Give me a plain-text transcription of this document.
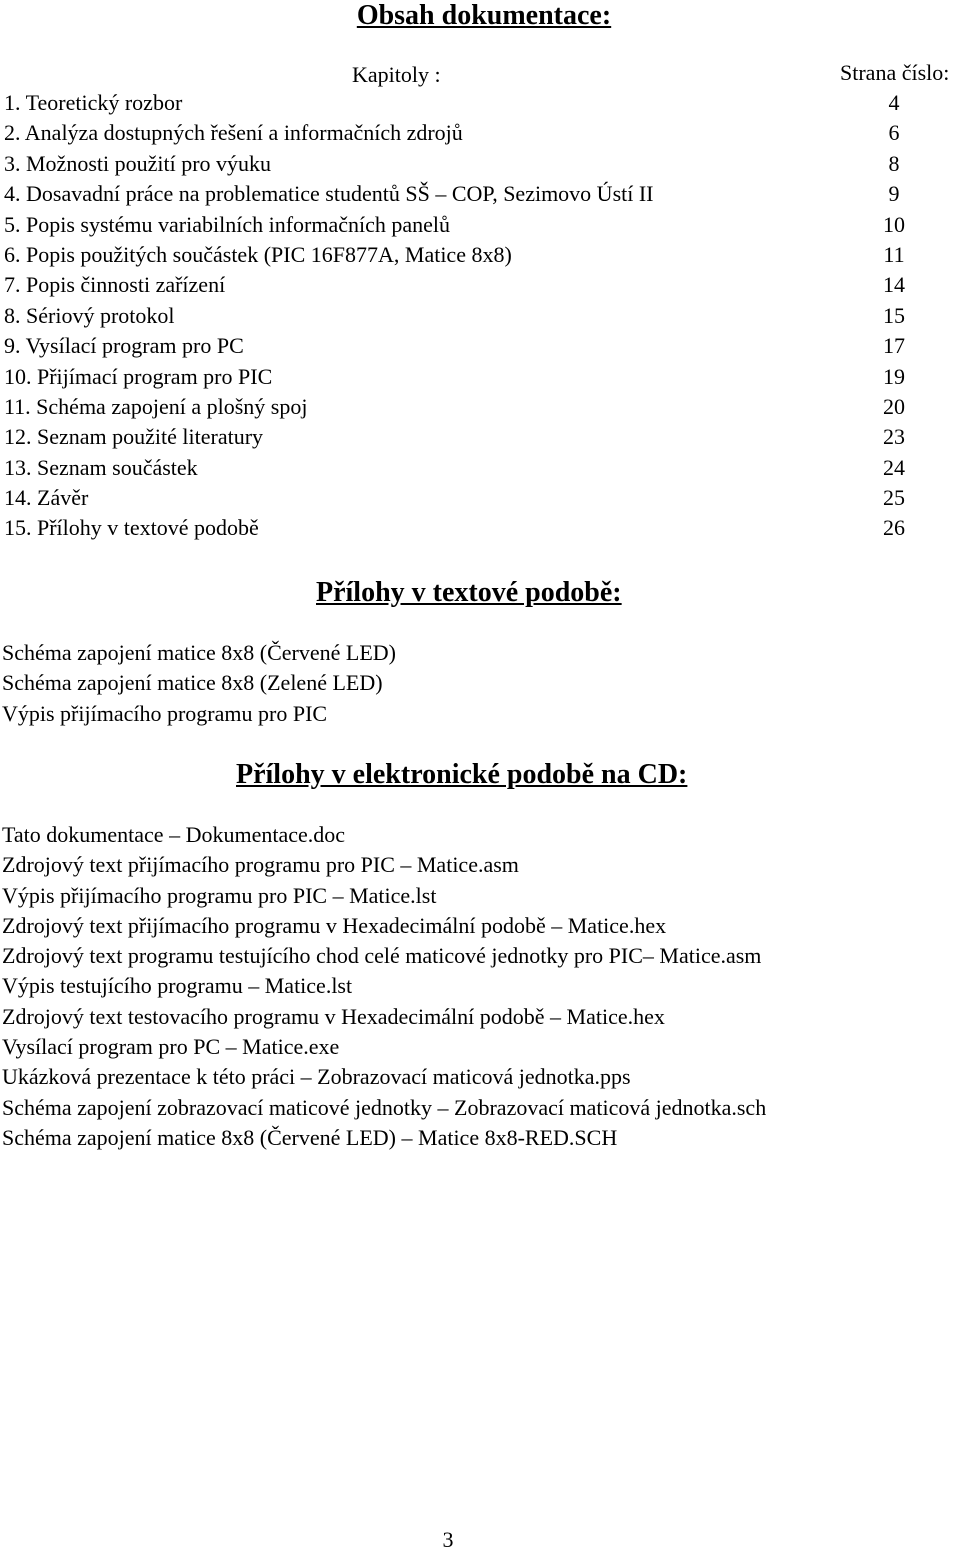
Obsah dokumentace:
Kapitoly :	Strana číslo:
1. Teoretický rozbor	4
2. Analýza dostupných řešení a informačních zdrojů	6
3. Možnosti použití pro výuku	8
4. Dosavadní práce na problematice studentů SŠ – COP, Sezimovo Ústí II	9
5. Popis systému variabilních informačních panelů	10
6. Popis použitých součástek (PIC 16F877A, Matice 8x8)	11
7. Popis činnosti zařízení	14
8. Sériový protokol	15
9. Vysílací program pro PC	17
10. Přijímací program pro PIC	19
11. Schéma zapojení a plošný spoj	20
12. Seznam použité literatury	23
13. Seznam součástek	24
14. Závěr	25
15. Přílohy v textové podobě	26
Přílohy v textové podobě:
Schéma zapojení matice 8x8 (Červené LED)
Schéma zapojení matice 8x8 (Zelené LED)
Výpis přijímacího programu pro PIC
Přílohy v elektronické podobě na CD:
Tato dokumentace – Dokumentace.doc
Zdrojový text přijímacího programu pro PIC – Matice.asm
Výpis přijímacího programu pro PIC – Matice.lst
Zdrojový text přijímacího programu v Hexadecimální podobě – Matice.hex
Zdrojový text programu testujícího chod celé maticové jednotky pro PIC– Matice.asm
Výpis testujícího programu – Matice.lst
Zdrojový text testovacího programu v Hexadecimální podobě – Matice.hex
Vysílací program pro PC – Matice.exe
Ukázková prezentace k této práci – Zobrazovací maticová jednotka.pps
Schéma zapojení zobrazovací maticové jednotky – Zobrazovací maticová jednotka.sch
Schéma zapojení matice 8x8 (Červené LED) – Matice 8x8-RED.SCH
3
